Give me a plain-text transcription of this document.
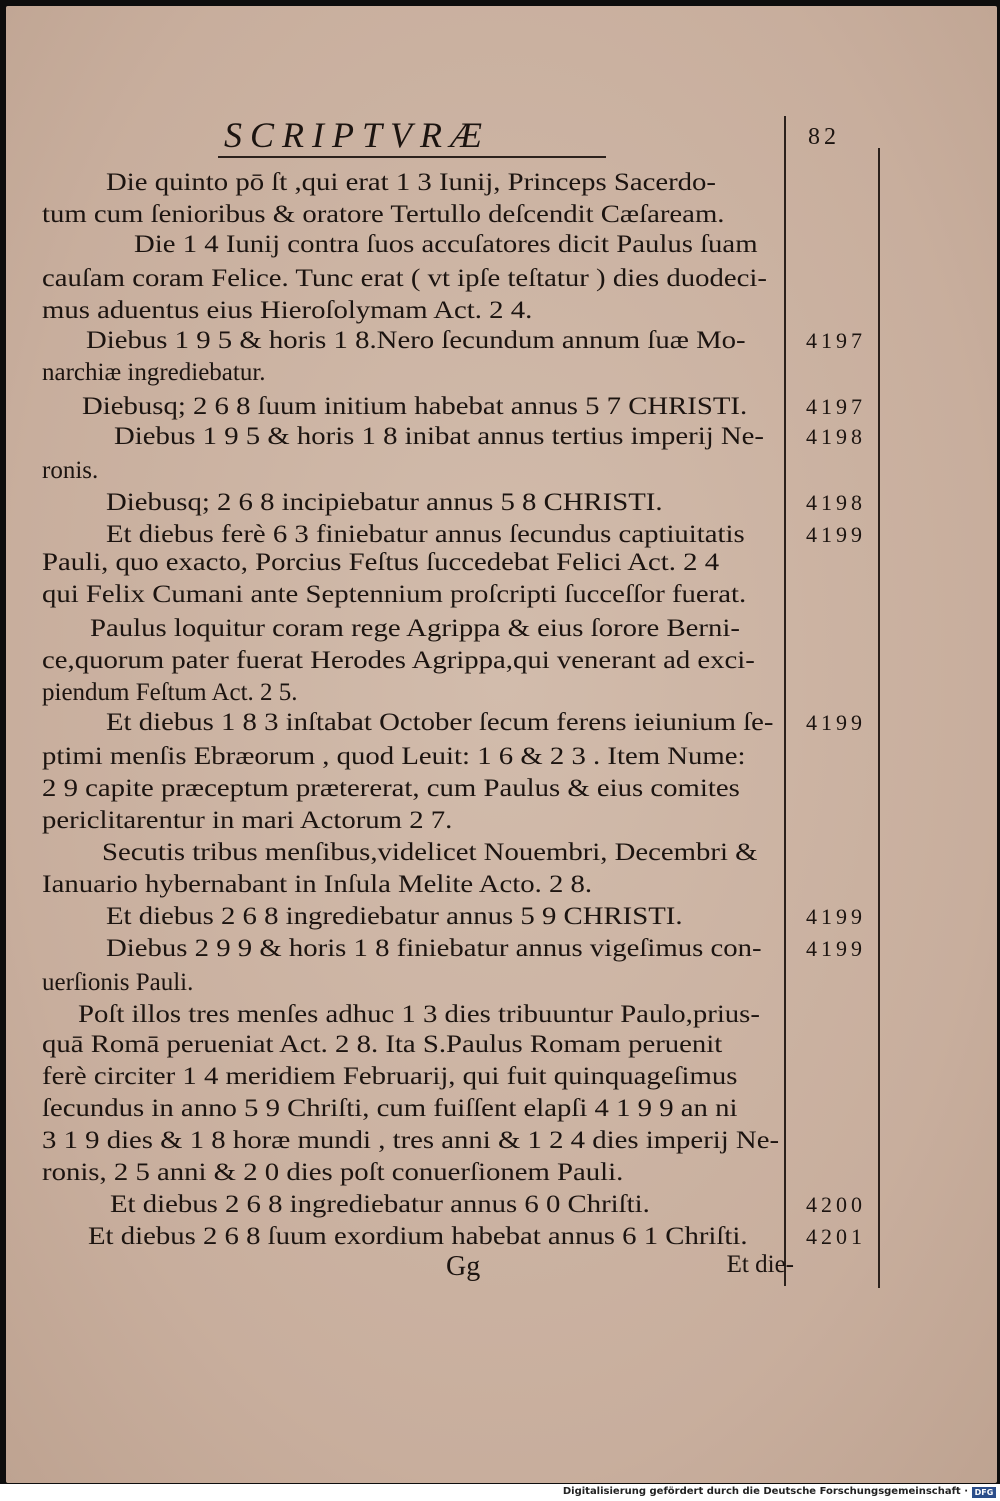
SCRIPTVRÆ	82
Die quinto pō ſt ,qui erat 1 3 Iunij, Princeps Sacerdo-
tum cum ſenioribus & oratore Tertullo deſcendit Cæſaream.
Die 1 4 Iunij contra ſuos accuſatores dicit Paulus ſuam
cauſam coram Felice. Tunc erat ( vt ipſe teſtatur ) dies duodeci-
mus aduentus eius Hieroſolymam Act. 2 4.
Diebus 1 9 5 & horis 1 8.Nero ſecundum annum ſuæ Mo-
narchiæ ingrediebatur.
Diebusq; 2 6 8 ſuum initium habebat annus 5 7 CHRISTI.
Diebus 1 9 5 & horis 1 8 inibat annus tertius imperij Ne-
ronis.
Diebusq; 2 6 8 incipiebatur annus 5 8 CHRISTI.
Et diebus ferè 6 3 finiebatur annus ſecundus captiuitatis
Pauli, quo exacto, Porcius Feſtus ſuccedebat Felici Act. 2 4
qui Felix Cumani ante Septennium proſcripti ſucceſſor fuerat.
Paulus loquitur coram rege Agrippa & eius ſorore Berni-
ce,quorum pater fuerat Herodes Agrippa,qui venerant ad exci-
piendum Feſtum Act. 2 5.
Et diebus 1 8 3 inſtabat October ſecum ferens ieiunium ſe-
ptimi menſis Ebræorum , quod Leuit: 1 6 & 2 3 . Item Nume:
2 9 capite præceptum prætererat, cum Paulus & eius comites
periclitarentur in mari Actorum 2 7.
Secutis tribus menſibus,videlicet Nouembri, Decembri &
Ianuario hybernabant in Inſula Melite Acto. 2 8.
Et diebus 2 6 8 ingrediebatur annus 5 9 CHRISTI.
Diebus 2 9 9 & horis 1 8 finiebatur annus vigeſimus con-
uerſionis Pauli.
Poſt illos tres menſes adhuc 1 3 dies tribuuntur Paulo,prius-
quā Romā perueniat Act. 2 8. Ita S.Paulus Romam peruenit
ferè circiter 1 4 meridiem Februarij, qui fuit quinquageſimus
ſecundus in anno 5 9 Chriſti, cum fuiſſent elapſi 4 1 9 9 an ni
3 1 9 dies & 1 8 horæ mundi , tres anni & 1 2 4 dies imperij Ne-
ronis, 2 5 anni & 2 0 dies poſt conuerſionem Pauli.
Et diebus 2 6 8 ingrediebatur annus 6 0 Chriſti.
Et diebus 2 6 8 ſuum exordium habebat annus 6 1 Chriſti.
4197
4197
4198
4198
4199
4199
4199
4199
4200
4201
Gg	Et die-
Digitalisierung gefördert durch die Deutsche Forschungsgemeinschaft · DFG
